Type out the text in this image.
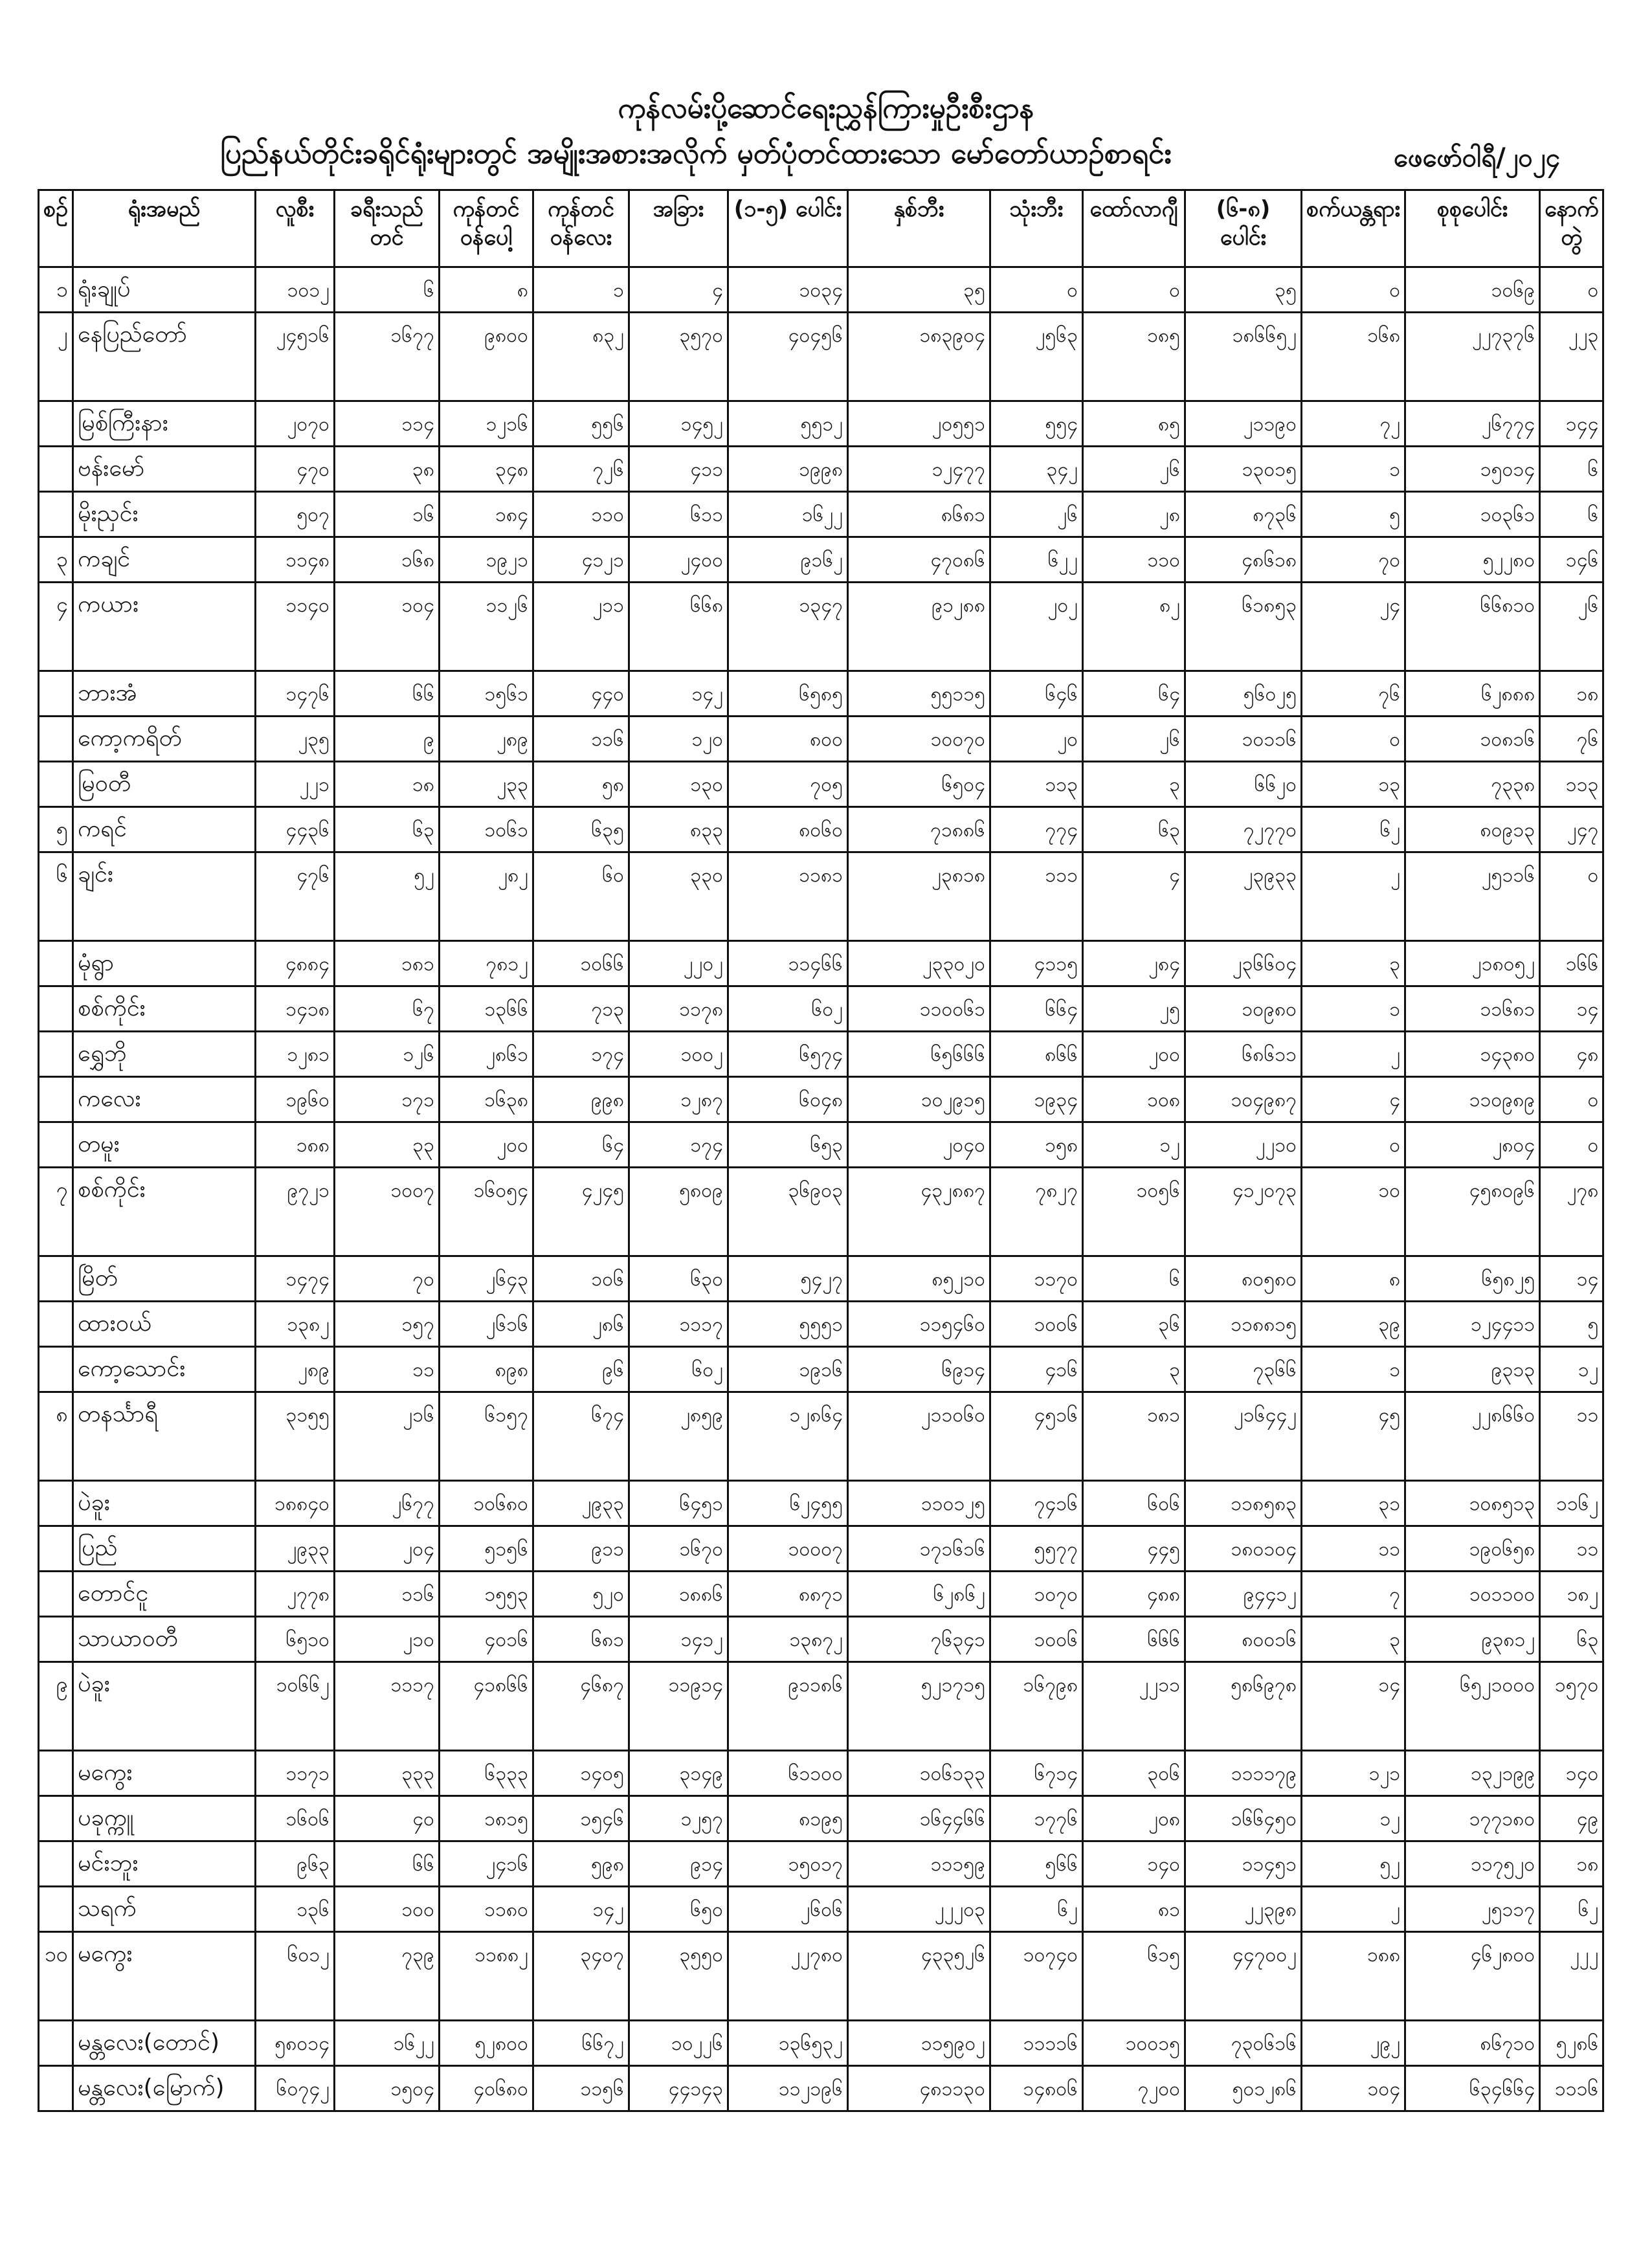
ကုန်လမ်းပို့ဆောင်ရေးညွှန်ကြားမှုဦးစီးဌာန
ပြည်နယ်တိုင်းခရိုင်ရုံးများတွင် အမျိုးအစားအလိုက် မှတ်ပုံတင်ထားသော မော်တော်ယာဉ်စာရင်း	ဖေဖော်ဝါရီ/၂၀၂၄
စဉ်	ရုံးအမည်	လူစီး	ခရီးသည်တင်	ကုန်တင်ဝန်ပေါ့	ကုန်တင်ဝန်လေး	အခြား	(၁-၅) ပေါင်း	နှစ်ဘီး	သုံးဘီး	ထော်လာဂျီ	(၆-၈) ပေါင်း	စက်ယန္တရား	စုစုပေါင်း	နောက်တွဲ
၁	ရုံးချုပ်	၁၀၁၂	၆	၈	၁	၄	၁၀၃၄	၃၅	၀	၀	၃၅	၀	၁၀၆၉	၀
၂	နေပြည်တော်	၂၄၅၁၆	၁၆၇၇	၉၈၀၀	၈၃၂	၃၅၇၀	၄၀၄၅၆	၁၈၃၉၀၄	၂၅၆၃	၁၈၅	၁၈၆၆၅၂	၁၆၈	၂၂၇၃၇၆	၂၂၃
	မြစ်ကြီးနား	၂၀၇၀	၁၁၄	၁၂၁၆	၅၅၆	၁၄၅၂	၅၅၁၂	၂၀၅၅၁	၅၅၄	၈၅	၂၁၁၉၀	၇၂	၂၆၇၇၄	၁၄၄
	ဗန်းမော်	၄၇၀	၃၈	၃၄၈	၇၂၆	၄၁၁	၁၉၉၈	၁၂၄၇၇	၃၄၂	၂၆	၁၃၀၁၅	၁	၁၅၀၁၄	၆
	မိုးညှင်း	၅၀၇	၁၆	၁၈၄	၁၁၀	၆၁၁	၁၆၂၂	၈၆၈၁	၂၆	၂၈	၈၇၃၆	၅	၁၀၃၆၁	၆
၃	ကချင်	၁၁၄၈	၁၆၈	၁၉၂၁	၄၁၂၁	၂၄၀၀	၉၁၆၂	၄၇၀၈၆	၆၂၂	၁၁၀	၄၈၆၁၈	၇၀	၅၂၂၈၀	၁၄၆
၄	ကယား	၁၁၄၀	၁၀၄	၁၁၂၆	၂၁၁	၆၆၈	၁၃၄၇	၉၁၂၈၈	၂၀၂	၈၂	၆၁၈၅၃	၂၄	၆၆၈၁၀	၂၆
	ဘားအံ	၁၄၇၆	၆၆	၁၅၆၁	၄၄၀	၁၄၂	၆၅၈၅	၅၅၁၁၅	၆၄၆	၆၄	၅၆၀၂၅	၇၆	၆၂၈၈၈	၁၈
	ကော့ကရိတ်	၂၃၅	၉	၂၈၉	၁၁၆	၁၂၀	၈၀၀	၁၀၀၇၀	၂၀	၂၆	၁၀၁၁၆	၀	၁၀၈၁၆	၇၆
	မြဝတီ	၂၂၁	၁၈	၂၃၃	၅၈	၁၃၀	၇၀၅	၆၅၀၄	၁၁၃	၃	၆၆၂၀	၁၃	၇၃၃၈	၁၁၃
၅	ကရင်	၄၄၃၆	၆၃	၁၀၆၁	၆၃၅	၈၃၃	၈၀၆၀	၇၁၈၈၆	၇၇၄	၆၃	၇၂၇၇၀	၆၂	၈၀၉၁၃	၂၄၇
၆	ချင်း	၄၇၆	၅၂	၂၈၂	၆၀	၃၃၀	၁၁၈၁	၂၃၈၁၈	၁၁၁	၄	၂၃၉၃၃	၂	၂၅၁၁၆	၀
	မုံရွာ	၄၈၈၄	၁၈၁	၇၈၁၂	၁၀၆၆	၂၂၀၂	၁၁၄၆၆	၂၃၃၀၂၀	၄၁၁၅	၂၈၄	၂၃၆၆၀၄	၃	၂၁၈၀၅၂	၁၆၆
	စစ်ကိုင်း	၁၄၁၈	၆၇	၁၃၆၆	၇၁၃	၁၁၇၈	၆၀၂	၁၁၀၀၆၁	၆၆၄	၂၅	၁၀၉၈၀	၁	၁၁၆၈၁	၁၄
	ရွှေဘို	၁၂၈၁	၁၂၆	၂၈၆၁	၁၇၄	၁၀၀၂	၆၅၇၄	၆၅၆၆၆	၈၆၆	၂၀၀	၆၈၆၁၁	၂	၁၄၃၈၀	၄၈
	ကလေး	၁၉၆၀	၁၇၁	၁၆၃၈	၉၉၈	၁၂၈၇	၆၀၄၈	၁၀၂၉၁၅	၁၉၃၄	၁၀၈	၁၀၄၉၈၇	၄	၁၁၀၉၈၉	၀
	တမူး	၁၈၈	၃၃	၂၀၀	၆၄	၁၇၄	၆၅၃	၂၀၄၀	၁၅၈	၁၂	၂၂၁၀	၀	၂၈၀၄	၀
၇	စစ်ကိုင်း	၉၇၂၁	၁၀၀၇	၁၆၀၅၄	၄၂၄၅	၅၈၀၉	၃၆၉၀၃	၄၃၂၈၈၇	၇၈၂၇	၁၀၅၆	၄၁၂၀၇၃	၁၀	၄၅၈၀၉၆	၂၇၈
	မြိတ်	၁၄၇၄	၇၀	၂၆၄၃	၁၀၆	၆၃၀	၅၄၂၇	၈၅၂၁၀	၁၁၇၀	၆	၈၀၅၈၀	၈	၆၅၈၂၅	၁၄
	ထားဝယ်	၁၃၈၂	၁၅၇	၂၆၁၆	၂၈၆	၁၁၁၇	၅၅၅၁	၁၁၅၄၆၀	၁၀၀၆	၃၆	၁၁၈၈၁၅	၃၉	၁၂၄၄၁၁	၅
	ကော့သောင်း	၂၈၉	၁၁	၈၉၈	၉၆	၆၀၂	၁၉၁၆	၆၉၁၄	၄၁၆	၃	၇၃၆၆	၁	၉၃၁၃	၁၂
၈	တနင်္သာရီ	၃၁၅၅	၂၁၆	၆၁၅၇	၆၇၄	၂၈၅၉	၁၂၈၆၄	၂၁၁၀၆၀	၄၅၁၆	၁၈၁	၂၁၆၄၄၂	၄၅	၂၂၈၆၆၀	၁၁
	ပဲခူး	၁၈၈၄၀	၂၆၇၇	၁၀၆၈၀	၂၉၃၃	၆၄၅၁	၆၂၄၅၅	၁၁၀၁၂၅	၇၄၁၆	၆၀၆	၁၁၈၅၈၃	၃၁	၁၀၈၅၁၃	၁၁၆၂
	ပြည်	၂၉၃၃	၂၀၄	၅၁၅၆	၉၁၁	၁၆၇၀	၁၀၀၀၇	၁၇၁၆၁၆	၅၅၇၇	၄၄၅	၁၈၀၁၀၄	၁၁	၁၉၀၆၅၈	၁၁
	တောင်ငူ	၂၇၇၈	၁၁၆	၁၅၅၃	၅၂၀	၁၈၈၆	၈၈၇၁	၆၂၈၆၂	၁၀၇၀	၄၈၈	၉၄၄၁၂	၇	၁၀၁၁၀၀	၁၈၂
	သာယာဝတီ	၆၅၁၀	၂၁၀	၄၀၁၆	၆၈၁	၁၄၁၂	၁၃၈၇၂	၇၆၃၄၁	၁၀၀၆	၆၆၆	၈၀၀၁၆	၃	၉၃၈၁၂	၆၃
၉	ပဲခူး	၁၀၆၆၂	၁၁၁၇	၄၁၈၆၆	၄၆၈၇	၁၁၉၁၄	၉၁၁၈၆	၅၂၁၇၁၅	၁၆၇၉၈	၂၂၁၁	၅၈၆၉၇၈	၁၄	၆၅၂၁၀၀၀	၁၅၇၀
	မကွေး	၁၁၇၁	၃၃၃	၆၃၃၃	၁၄၀၅	၃၁၄၉	၆၁၁၀၀	၁၀၆၁၃၃	၆၇၁၄	၃၀၆	၁၁၁၁၇၉	၁၂၁	၁၃၂၁၉၉	၁၄၀
	ပခုက္ကူ	၁၆၀၆	၄၀	၁၈၁၅	၁၅၄၆	၁၂၅၇	၈၁၉၅	၁၆၄၄၆၆	၁၇၇၆	၂၀၈	၁၆၆၄၅၀	၁၂	၁၇၇၁၈၀	၄၉
	မင်းဘူး	၉၆၃	၆၆	၂၄၁၆	၅၉၈	၉၁၄	၁၅၀၁၇	၁၁၁၅၉	၅၆၆	၁၄၀	၁၁၄၅၁	၅၂	၁၁၇၅၂၀	၁၈
	သရက်	၁၃၆	၁၀၀	၁၁၈၀	၁၄၂	၆၅၀	၂၆၀၆	၂၂၂၀၃	၆၂	၈၁	၂၂၃၉၈	၂	၂၅၁၁၇	၆၂
၁၀	မကွေး	၆၀၁၂	၇၃၉	၁၁၈၈၂	၃၄၀၇	၃၅၅၀	၂၂၇၈၀	၄၃၃၅၂၆	၁၀၇၄၀	၆၁၅	၄၄၇၀၀၂	၁၈၈	၄၆၂၈၀၀	၂၂၂
	မန္တလေး(တောင်)	၅၈၀၁၄	၁၆၂၂	၅၂၈၀၀	၆၆၇၂	၁၀၂၂၆	၁၃၆၅၃၂	၁၁၅၉၀၂	၁၁၁၁၆	၁၀၀၁၅	၇၃၀၆၁၆	၂၉၂	၈၆၇၁၀	၅၂၈၆
	မန္တလေး(မြောက်)	၆၀၇၄၂	၁၅၀၄	၄၀၆၈၀	၁၁၅၆	၄၄၁၄၃	၁၁၂၁၉၆	၄၈၁၁၃၀	၁၄၈၀၆	၇၂၀၀	၅၀၁၂၈၆	၁၀၄	၆၃၄၆၆၄	၁၁၁၆
